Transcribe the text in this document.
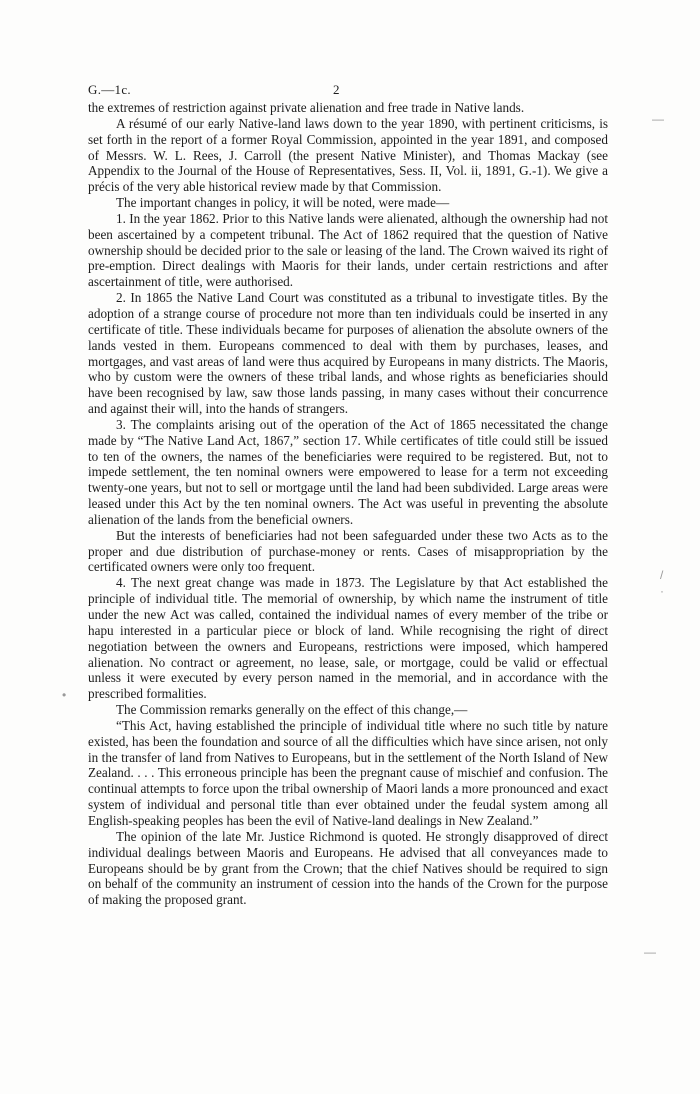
G.—1c.	2

the extremes of restriction against private alienation and free trade in Native lands.

A résumé of our early Native-land laws down to the year 1890, with pertinent criticisms, is set forth in the report of a former Royal Commission, appointed in the year 1891, and composed of Messrs. W. L. Rees, J. Carroll (the present Native Minister), and Thomas Mackay (see Appendix to the Journal of the House of Representatives, Sess. II, Vol. ii, 1891, G.-1). We give a précis of the very able historical review made by that Commission.

The important changes in policy, it will be noted, were made—

1. In the year 1862. Prior to this Native lands were alienated, although the ownership had not been ascertained by a competent tribunal. The Act of 1862 required that the question of Native ownership should be decided prior to the sale or leasing of the land. The Crown waived its right of pre-emption. Direct dealings with Maoris for their lands, under certain restrictions and after ascertainment of title, were authorised.

2. In 1865 the Native Land Court was constituted as a tribunal to investigate titles. By the adoption of a strange course of procedure not more than ten individuals could be inserted in any certificate of title. These individuals became for purposes of alienation the absolute owners of the lands vested in them. Europeans commenced to deal with them by purchases, leases, and mortgages, and vast areas of land were thus acquired by Europeans in many districts. The Maoris, who by custom were the owners of these tribal lands, and whose rights as beneficiaries should have been recognised by law, saw those lands passing, in many cases without their concurrence and against their will, into the hands of strangers.

3. The complaints arising out of the operation of the Act of 1865 necessitated the change made by “The Native Land Act, 1867,” section 17. While certificates of title could still be issued to ten of the owners, the names of the beneficiaries were required to be registered. But, not to impede settlement, the ten nominal owners were empowered to lease for a term not exceeding twenty-one years, but not to sell or mortgage until the land had been subdivided. Large areas were leased under this Act by the ten nominal owners. The Act was useful in preventing the absolute alienation of the lands from the beneficial owners.

But the interests of beneficiaries had not been safeguarded under these two Acts as to the proper and due distribution of purchase-money or rents. Cases of misappropriation by the certificated owners were only too frequent.

4. The next great change was made in 1873. The Legislature by that Act established the principle of individual title. The memorial of ownership, by which name the instrument of title under the new Act was called, contained the individual names of every member of the tribe or hapu interested in a particular piece or block of land. While recognising the right of direct negotiation between the owners and Europeans, restrictions were imposed, which hampered alienation. No contract or agreement, no lease, sale, or mortgage, could be valid or effectual unless it were executed by every person named in the memorial, and in accordance with the prescribed formalities.

The Commission remarks generally on the effect of this change,—

“This Act, having established the principle of individual title where no such title by nature existed, has been the foundation and source of all the difficulties which have since arisen, not only in the transfer of land from Natives to Europeans, but in the settlement of the North Island of New Zealand. . . . This erroneous principle has been the pregnant cause of mischief and confusion. The continual attempts to force upon the tribal ownership of Maori lands a more pronounced and exact system of individual and personal title than ever obtained under the feudal system among all English-speaking peoples has been the evil of Native-land dealings in New Zealand.”

The opinion of the late Mr. Justice Richmond is quoted. He strongly disapproved of direct individual dealings between Maoris and Europeans. He advised that all conveyances made to Europeans should be by grant from the Crown; that the chief Natives should be required to sign on behalf of the community an instrument of cession into the hands of the Crown for the purpose of making the proposed grant.

—
/
·
•
—
